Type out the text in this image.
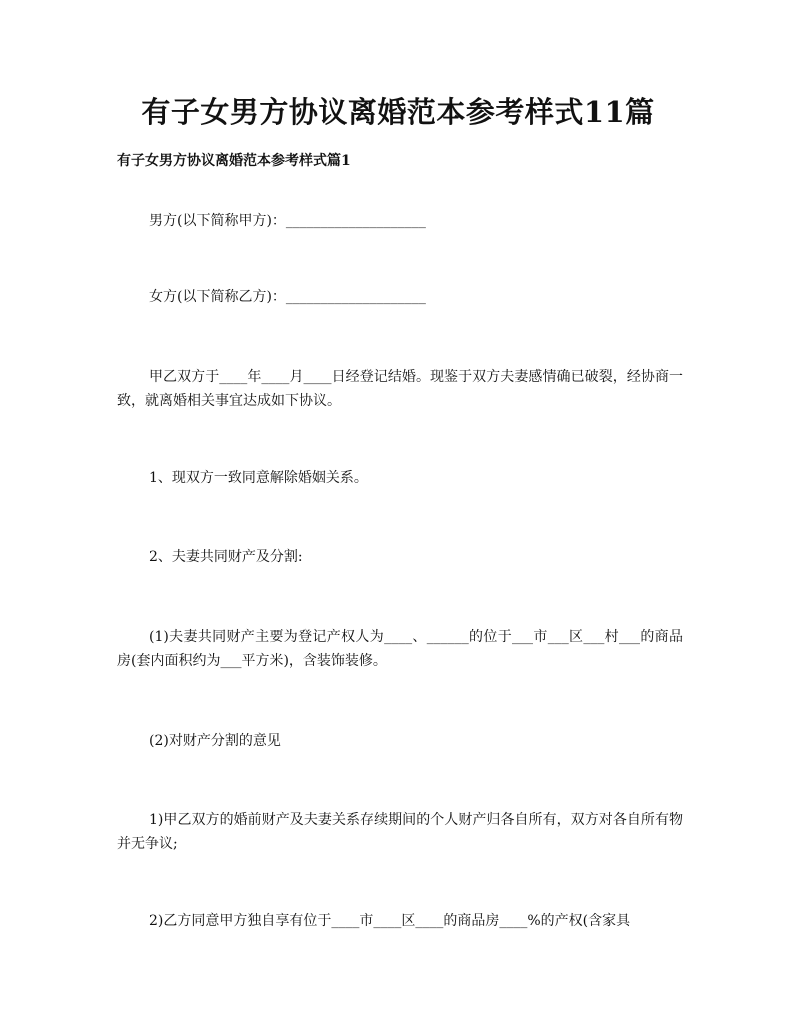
有子女男方协议离婚范本参考样式11篇
有子女男方协议离婚范本参考样式篇1

男方(以下简称甲方)：____________________

女方(以下简称乙方)：____________________

甲乙双方于____年____月____日经登记结婚。现鉴于双方夫妻感情确已破裂，经协商一致，就离婚相关事宜达成如下协议。

1、现双方一致同意解除婚姻关系。

2、夫妻共同财产及分割:

(1)夫妻共同财产主要为登记产权人为____、______的位于___市___区___村___的商品房(套内面积约为___平方米)，含装饰装修。

(2)对财产分割的意见

1)甲乙双方的婚前财产及夫妻关系存续期间的个人财产归各自所有，双方对各自所有物并无争议;

2)乙方同意甲方独自享有位于____市____区____的商品房____%的产权(含家具
